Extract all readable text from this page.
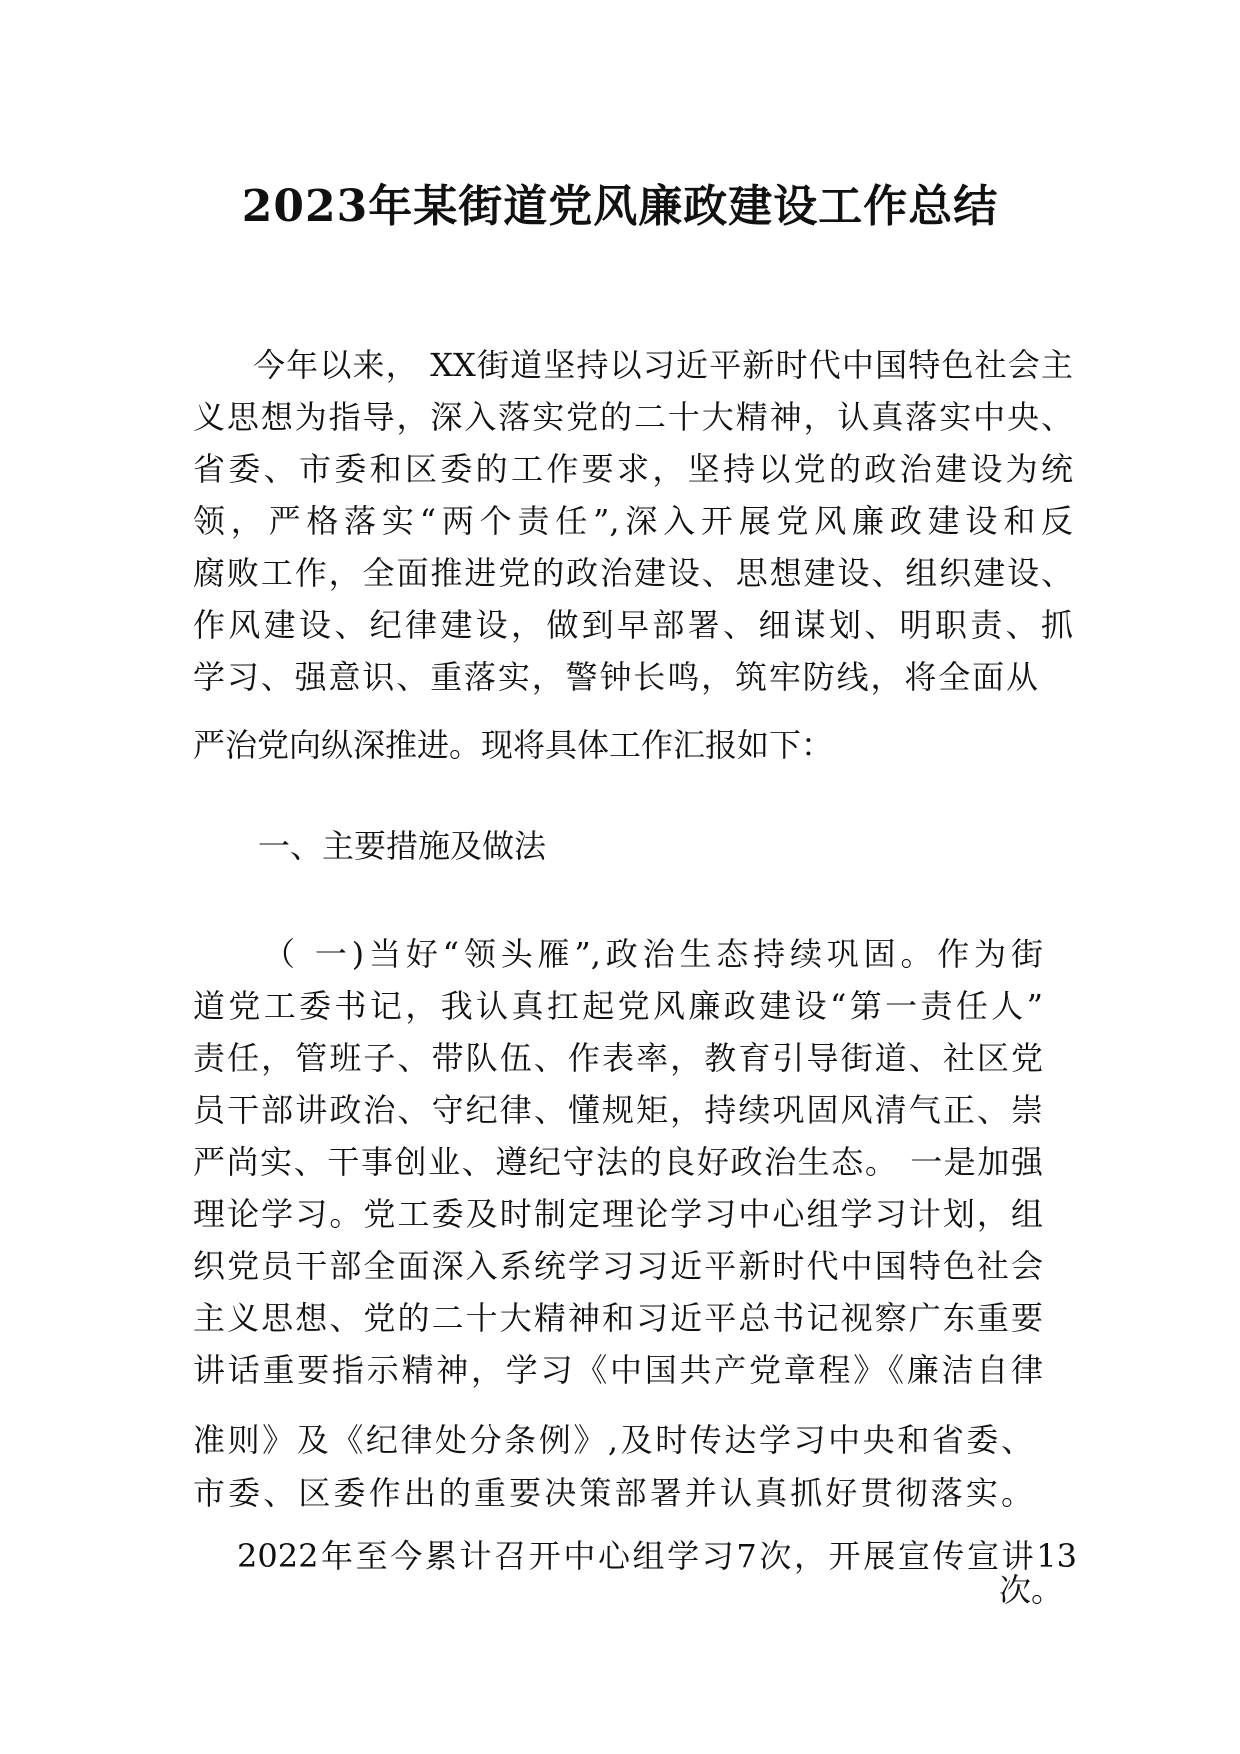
2023年某街道党风廉政建设工作总结

今年以来， XX街道坚持以习近平新时代中国特色社会主

义思想为指导，深入落实党的二十大精神，认真落实中央、

省委、市委和区委的工作要求，坚持以党的政治建设为统

领，严格落实“两个责任”,深入开展党风廉政建设和反

腐败工作，全面推进党的政治建设、思想建设、组织建设、

作风建设、纪律建设，做到早部署、细谋划、明职责、抓

学习、强意识、重落实，警钟长鸣，筑牢防线，将全面从

严治党向纵深推进。现将具体工作汇报如下：

一、主要措施及做法

（ 一)当好“领头雁”,政治生态持续巩固。作为街

道党工委书记，我认真扛起党风廉政建设“第一责任人”

责任，管班子、带队伍、作表率，教育引导街道、社区党

员干部讲政治、守纪律、懂规矩，持续巩固风清气正、崇

严尚实、干事创业、遵纪守法的良好政治生态。 一是加强

理论学习。党工委及时制定理论学习中心组学习计划，组

织党员干部全面深入系统学习习近平新时代中国特色社会

主义思想、党的二十大精神和习近平总书记视察广东重要

讲话重要指示精神，学习《中国共产党章程》《廉洁自律

准则》及《纪律处分条例》,及时传达学习中央和省委、

市委、区委作出的重要决策部署并认真抓好贯彻落实。

2022年至今累计召开中心组学习7次，开展宣传宣讲13

次。
